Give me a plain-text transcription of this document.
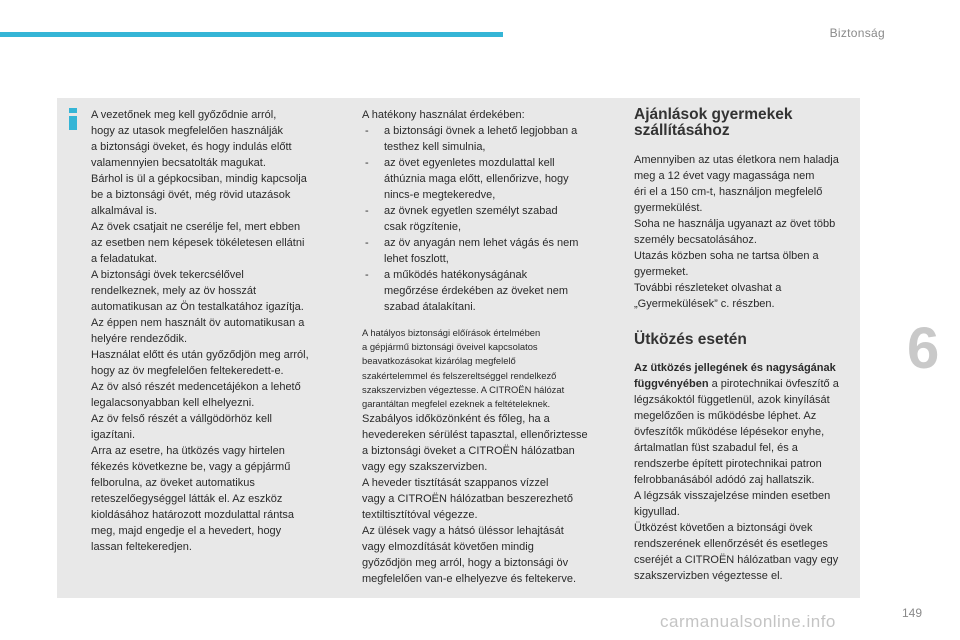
Biztonság
6

A vezetőnek meg kell győződnie arról,
hogy az utasok megfelelően használják
a biztonsági öveket, és hogy indulás előtt
valamennyien becsatolták magukat.
Bárhol is ül a gépkocsiban, mindig kapcsolja
be a biztonsági övét, még rövid utazások
alkalmával is.
Az övek csatjait ne cserélje fel, mert ebben
az esetben nem képesek tökéletesen ellátni
a feladatukat.
A biztonsági övek tekercsélővel
rendelkeznek, mely az öv hosszát
automatikusan az Ön testalkatához igazítja.
Az éppen nem használt öv automatikusan a
helyére rendeződik.
Használat előtt és után győződjön meg arról,
hogy az öv megfelelően feltekeredett-e.
Az öv alsó részét medencetájékon a lehető
legalacsonyabban kell elhelyezni.
Az öv felső részét a vállgödörhöz kell
igazítani.
Arra az esetre, ha ütközés vagy hirtelen
fékezés következne be, vagy a gépjármű
felborulna, az öveket automatikus
reteszelőegységgel látták el. Az eszköz
kioldásához határozott mozdulattal rántsa
meg, majd engedje el a hevedert, hogy
lassan feltekeredjen.

A hatékony használat érdekében:

- a biztonsági övnek a lehető legjobban a
testhez kell simulnia,
- az övet egyenletes mozdulattal kell
áthúznia maga előtt, ellenőrizve, hogy
nincs-e megtekeredve,
- az övnek egyetlen személyt szabad
csak rögzítenie,
- az öv anyagán nem lehet vágás és nem
lehet foszlott,
- a működés hatékonyságának
megőrzése érdekében az öveket nem
szabad átalakítani.
A hatályos biztonsági előírások értelmében
a gépjármű biztonsági öveivel kapcsolatos
beavatkozásokat kizárólag megfelelő
szakértelemmel és felszereltséggel rendelkező
szakszervizben végeztesse. A CITROËN hálózat
garantáltan megfelel ezeknek a feltételeknek.

Szabályos időközönként és főleg, ha a
hevedereken sérülést tapasztal, ellenőriztesse
a biztonsági öveket a CITROËN hálózatban
vagy egy szakszervizben.
A heveder tisztítását szappanos vízzel
vagy a CITROËN hálózatban beszerezhető
textiltisztítóval végezze.
Az ülések vagy a hátsó üléssor lehajtását
vagy elmozdítását követően mindig
győződjön meg arról, hogy a biztonsági öv
megfelelően van-e elhelyezve és feltekerve.

Ajánlások gyermekek
szállításához

Amennyiben az utas életkora nem haladja
meg a 12 évet vagy magassága nem
éri el a 150 cm-t, használjon megfelelő
gyermekülést.
Soha ne használja ugyanazt az övet több
személy becsatolásához.
Utazás közben soha ne tartsa ölben a
gyermeket.
További részleteket olvashat a
„Gyermekülések” c. részben.

Ütközés esetén

Az ütközés jellegének és nagyságának
függvényében a pirotechnikai övfeszítő a
légzsákoktól függetlenül, azok kinyílását
megelőzően is működésbe léphet. Az
övfeszítők működése lépésekor enyhe,
ártalmatlan füst szabadul fel, és a
rendszerbe épített pirotechnikai patron
felrobbanásából adódó zaj hallatszik.
A légzsák visszajelzése minden esetben
kigyullad.
Ütközést követően a biztonsági övek
rendszerének ellenőrzését és esetleges
cseréjét a CITROËN hálózatban vagy egy
szakszervizben végeztesse el.

carmanualsonline.info	149
